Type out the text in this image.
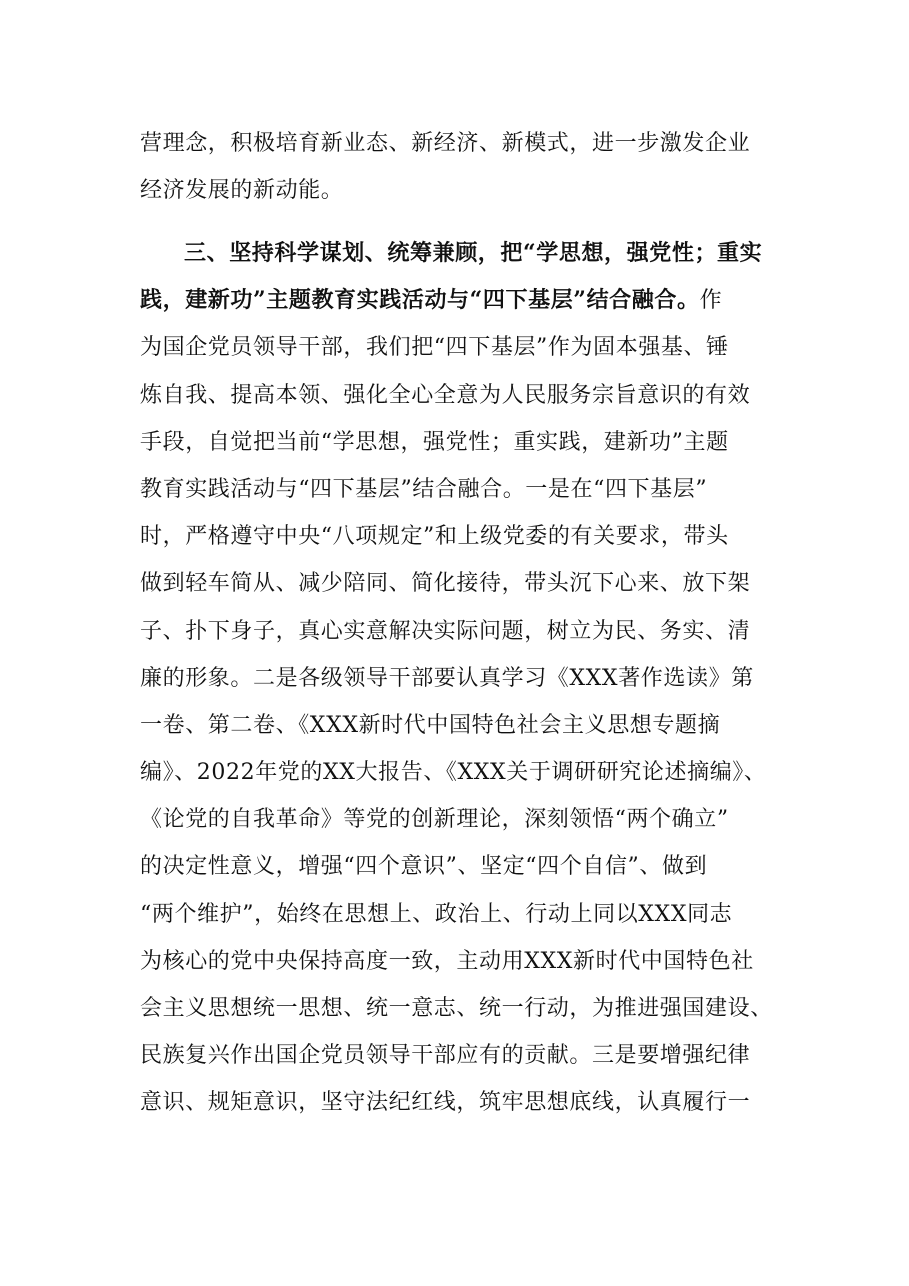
营理念，积极培育新业态、新经济、新模式，进一步激发企业
经济发展的新动能。
三、坚持科学谋划、统筹兼顾，把“学思想，强党性；重实
践，建新功”主题教育实践活动与“四下基层”结合融合。作
为国企党员领导干部，我们把“四下基层”作为固本强基、锤
炼自我、提高本领、强化全心全意为人民服务宗旨意识的有效
手段，自觉把当前“学思想，强党性；重实践，建新功”主题
教育实践活动与“四下基层”结合融合。一是在“四下基层”
时，严格遵守中央“八项规定”和上级党委的有关要求，带头
做到轻车简从、减少陪同、简化接待，带头沉下心来、放下架
子、扑下身子，真心实意解决实际问题，树立为民、务实、清
廉的形象。二是各级领导干部要认真学习《XXX著作选读》第
一卷、第二卷、《XXX新时代中国特色社会主义思想专题摘
编》、2022年党的XX大报告、《XXX关于调研研究论述摘编》、
《论党的自我革命》等党的创新理论，深刻领悟“两个确立”
的决定性意义，增强“四个意识”、坚定“四个自信”、做到
“两个维护”，始终在思想上、政治上、行动上同以XXX同志
为核心的党中央保持高度一致，主动用XXX新时代中国特色社
会主义思想统一思想、统一意志、统一行动，为推进强国建设、
民族复兴作出国企党员领导干部应有的贡献。三是要增强纪律
意识、规矩意识，坚守法纪红线，筑牢思想底线，认真履行一
